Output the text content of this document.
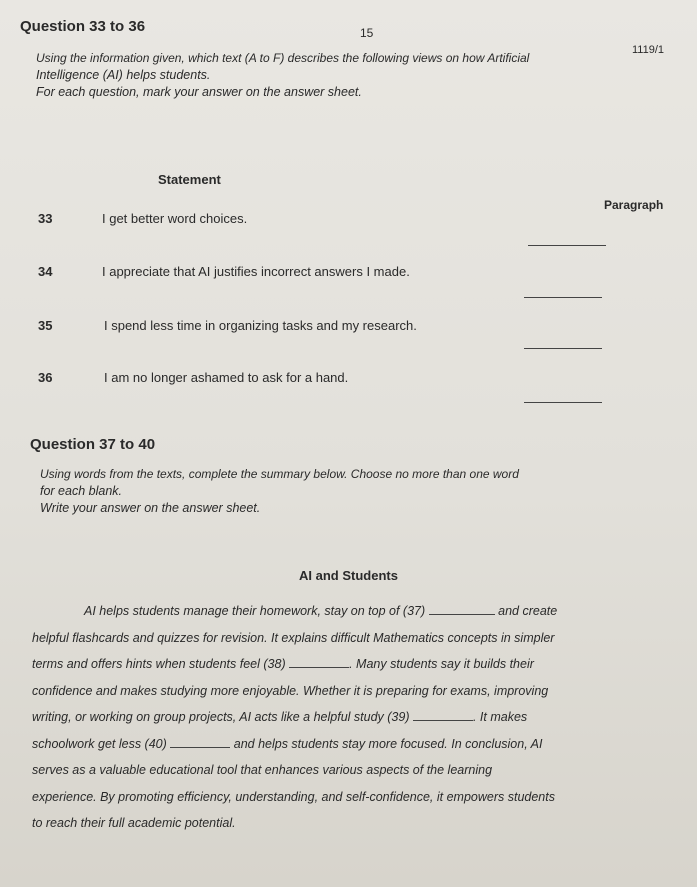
Question 33 to 36	15
1119/1
Using the information given, which text (A to F) describes the following views on how Artificial
Intelligence (AI) helps students.
For each question, mark your answer on the answer sheet.
Statement
Paragraph
33	I get better word choices.
34	I appreciate that AI justifies incorrect answers I made.
35	I spend less time in organizing tasks and my research.
36	I am no longer ashamed to ask for a hand.
Question 37 to 40
Using words from the texts, complete the summary below. Choose no more than one word
for each blank.
Write your answer on the answer sheet.
AI and Students
AI helps students manage their homework, stay on top of (37)	and create
helpful flashcards and quizzes for revision. It explains difficult Mathematics concepts in simpler
terms and offers hints when students feel (38)	. Many students say it builds their
confidence and makes studying more enjoyable. Whether it is preparing for exams, improving
writing, or working on group projects, AI acts like a helpful study (39)	. It makes
schoolwork get less (40)	and helps students stay more focused. In conclusion, AI
serves as a valuable educational tool that enhances various aspects of the learning
experience. By promoting efficiency, understanding, and self-confidence, it empowers students
to reach their full academic potential.
